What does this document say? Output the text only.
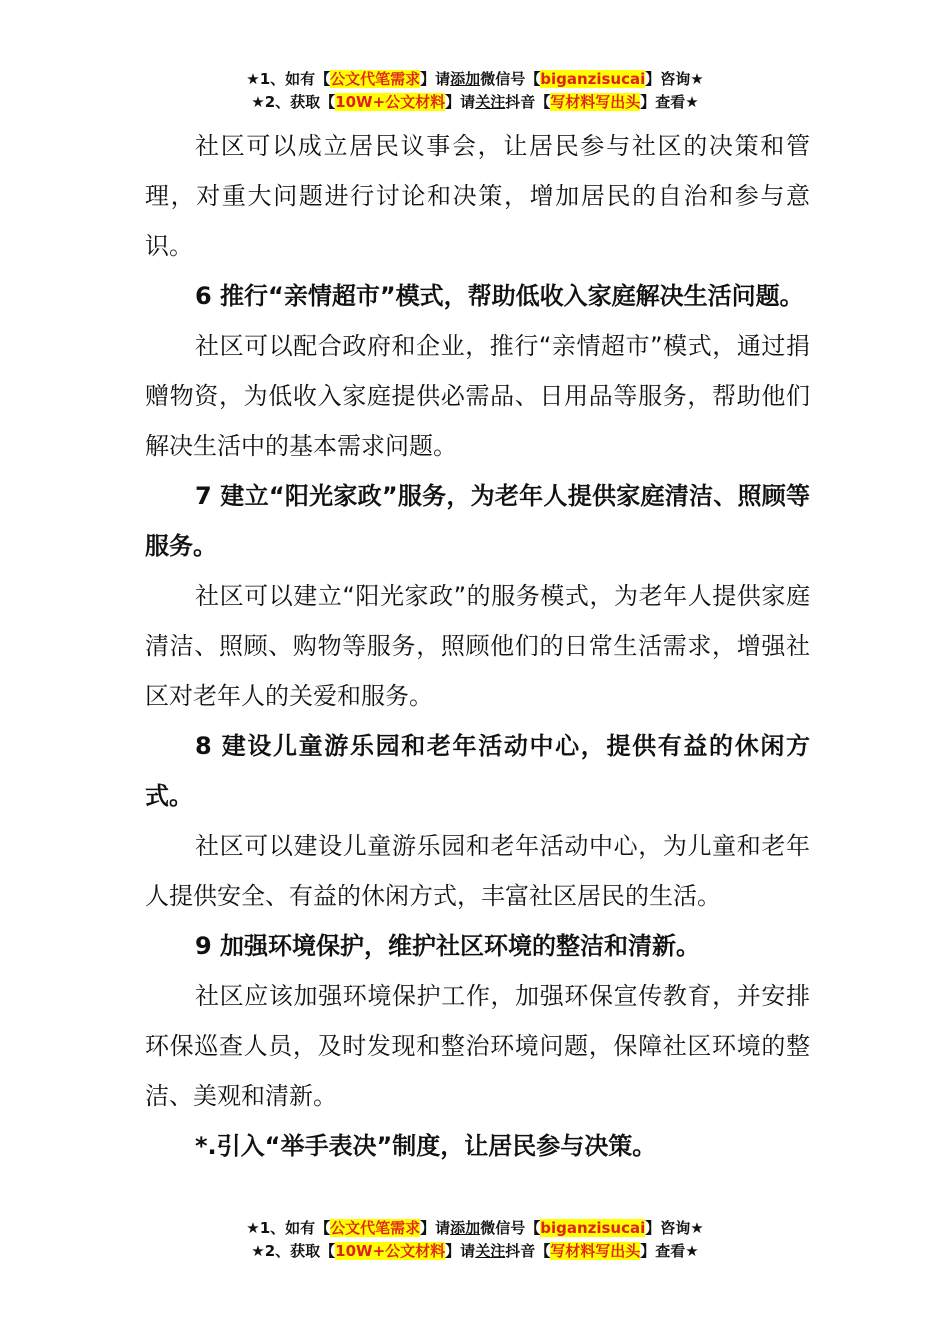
★1、如有【公文代笔需求】请添加微信号【biganzisucai】咨询★
★2、获取【10W+公文材料】请关注抖音【写材料写出头】查看★

社区可以成立居民议事会，让居民参与社区的决策和管理，对重大问题进行讨论和决策，增加居民的自治和参与意识。

6 推行“亲情超市”模式，帮助低收入家庭解决生活问题。

社区可以配合政府和企业，推行“亲情超市”模式，通过捐赠物资，为低收入家庭提供必需品、日用品等服务，帮助他们解决生活中的基本需求问题。

7 建立“阳光家政”服务，为老年人提供家庭清洁、照顾等服务。

社区可以建立“阳光家政”的服务模式，为老年人提供家庭清洁、照顾、购物等服务，照顾他们的日常生活需求，增强社区对老年人的关爱和服务。

8 建设儿童游乐园和老年活动中心，提供有益的休闲方式。

社区可以建设儿童游乐园和老年活动中心，为儿童和老年人提供安全、有益的休闲方式，丰富社区居民的生活。

9 加强环境保护，维护社区环境的整洁和清新。

社区应该加强环境保护工作，加强环保宣传教育，并安排环保巡查人员，及时发现和整治环境问题，保障社区环境的整洁、美观和清新。

*.引入“举手表决”制度，让居民参与决策。

★1、如有【公文代笔需求】请添加微信号【biganzisucai】咨询★
★2、获取【10W+公文材料】请关注抖音【写材料写出头】查看★
